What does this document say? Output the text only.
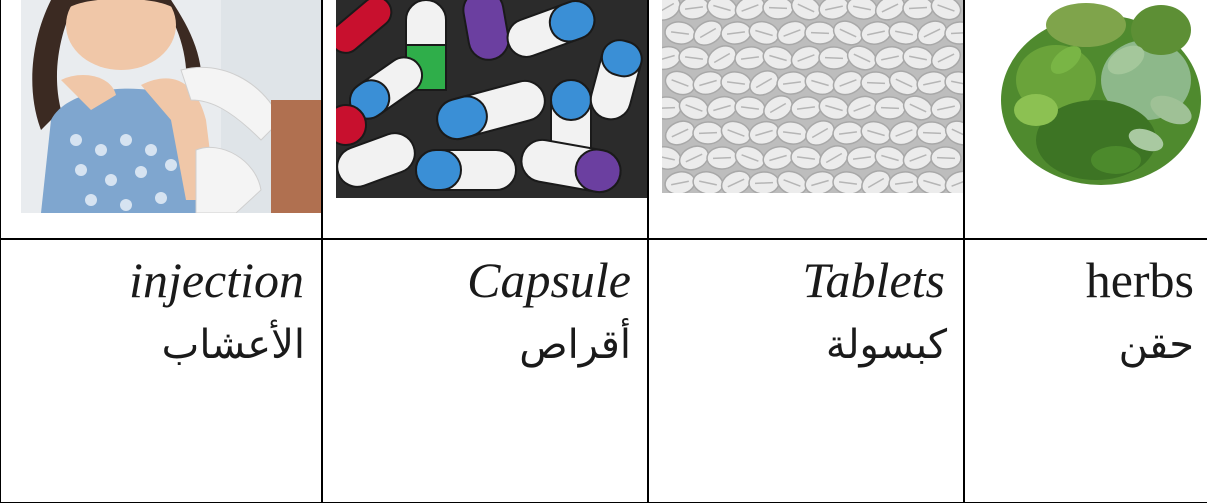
injection
الأعشاب
Capsule
أقراص
Tablets
كبسولة
herbs
حقن
